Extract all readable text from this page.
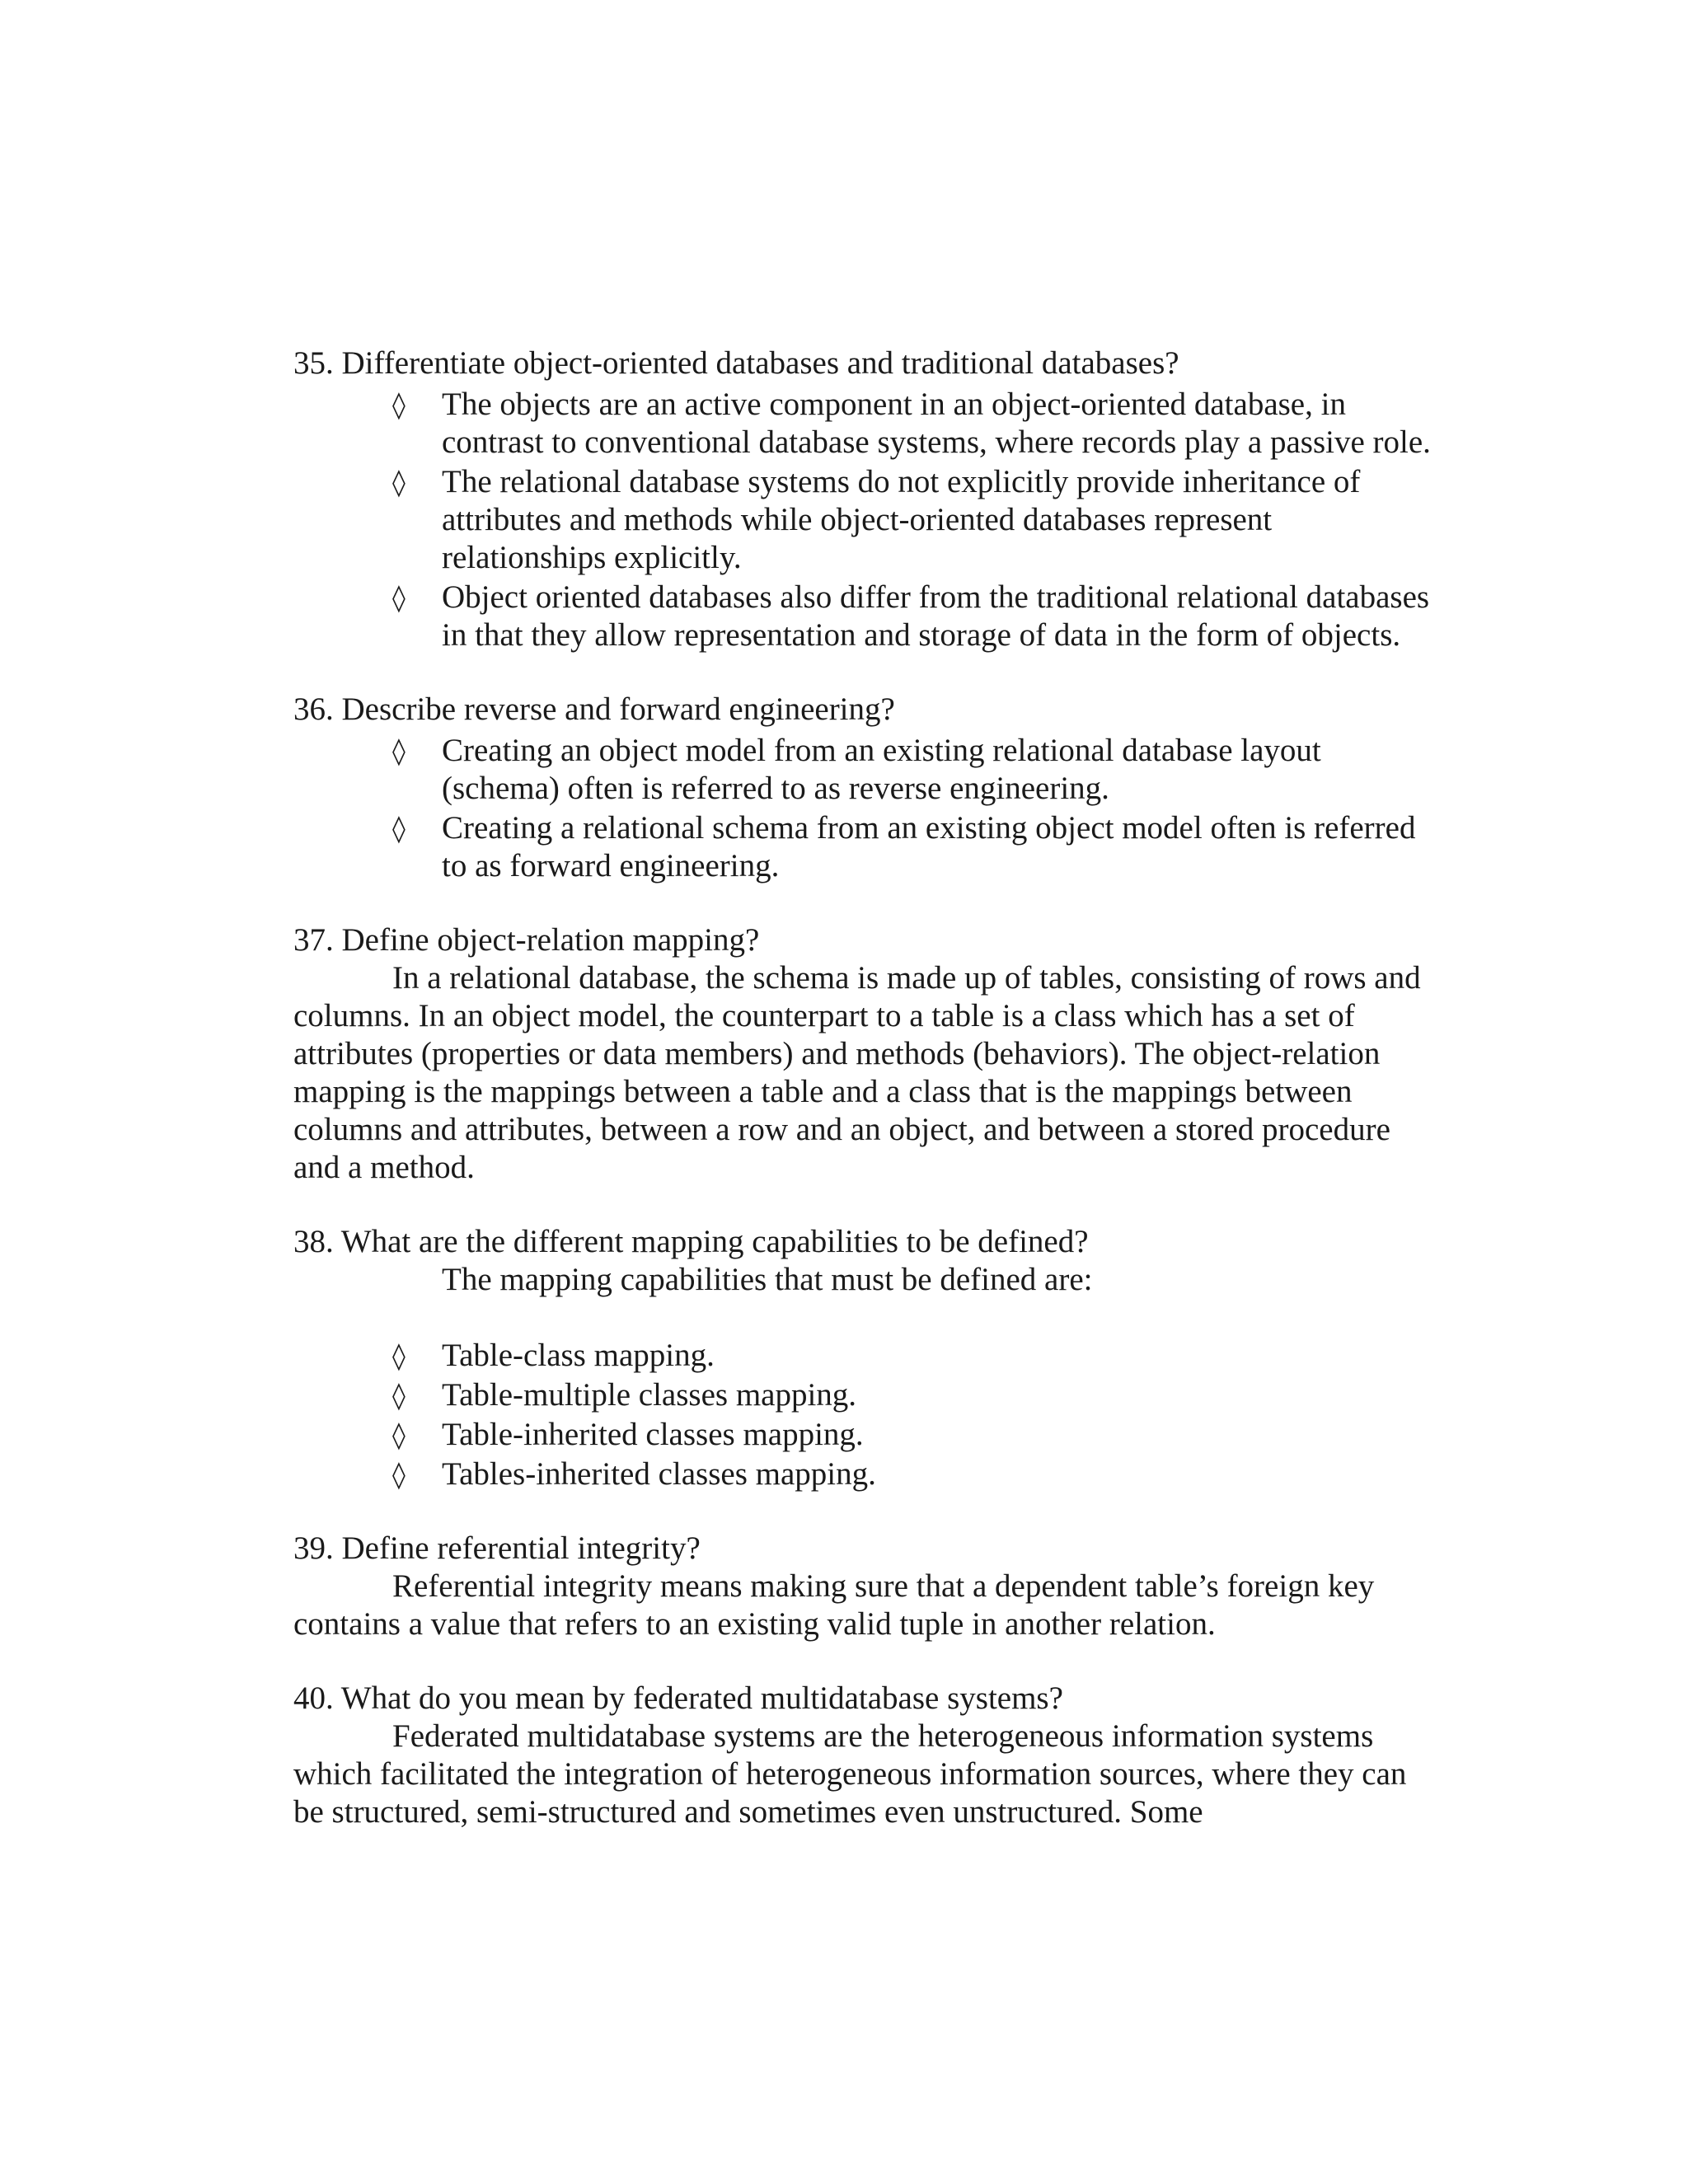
35. Differentiate object-oriented databases and traditional databases?

◊ The objects are an active component in an object-oriented database, in contrast to conventional database systems, where records play a passive role.
◊ The relational database systems do not explicitly provide inheritance of attributes and methods while object-oriented databases represent relationships explicitly.
◊ Object oriented databases also differ from the traditional relational databases in that they allow representation and storage of data in the form of objects.

36. Describe reverse and forward engineering?

◊ Creating an object model from an existing relational database layout (schema) often is referred to as reverse engineering.
◊ Creating a relational schema from an existing object model often is referred to as forward engineering.

37. Define object-relation mapping?

In a relational database, the schema is made up of tables, consisting of rows and columns. In an object model, the counterpart to a table is a class which has a set of attributes (properties or data members) and methods (behaviors). The object-relation mapping is the mappings between a table and a class that is the mappings between columns and attributes, between a row and an object, and between a stored procedure and a method.

38. What are the different mapping capabilities to be defined?

The mapping capabilities that must be defined are:

◊ Table-class mapping.
◊ Table-multiple classes mapping.
◊ Table-inherited classes mapping.
◊ Tables-inherited classes mapping.

39. Define referential integrity?

Referential integrity means making sure that a dependent table’s foreign key contains a value that refers to an existing valid tuple in another relation.

40. What do you mean by federated multidatabase systems?

Federated multidatabase systems are the heterogeneous information systems which facilitated the integration of heterogeneous information sources, where they can be structured, semi-structured and sometimes even unstructured. Some
